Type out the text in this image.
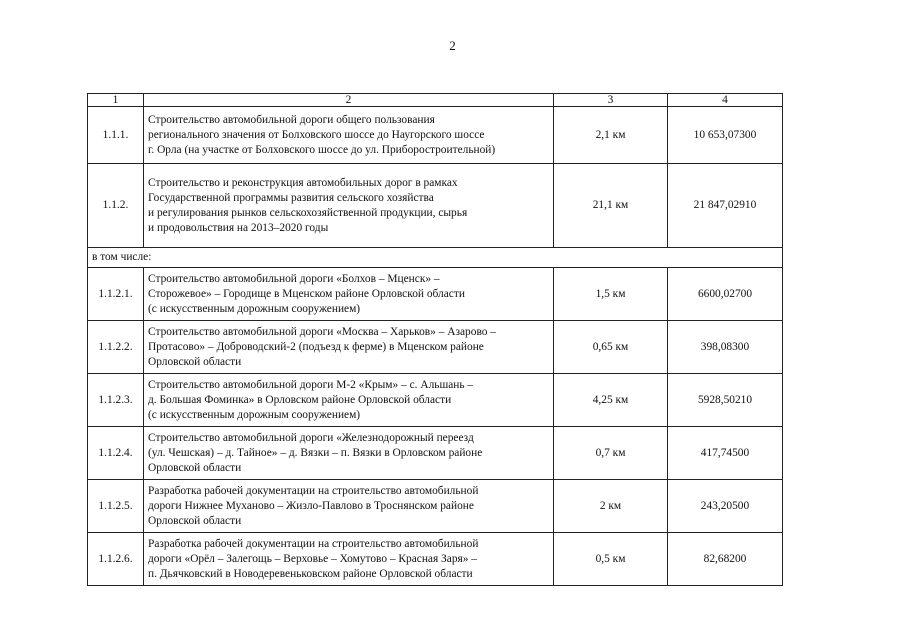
2
1	2	3	4
1.1.1.	Строительство автомобильной дороги общего пользования
регионального значения от Болховского шоссе до Наугорского шоссе
г. Орла (на участке от Болховского шоссе до ул. Приборостроительной)	2,1 км	10 653,07300
1.1.2.	Строительство и реконструкция автомобильных дорог в рамках
Государственной программы развития сельского хозяйства
и регулирования рынков сельскохозяйственной продукции, сырья
и продовольствия на 2013–2020 годы	21,1 км	21 847,02910
в том числе:			
1.1.2.1.	Строительство автомобильной дороги «Болхов – Мценск» –
Сторожевое» – Городище в Мценском районе Орловской области
(с искусственным дорожным сооружением)	1,5 км	6600,02700
1.1.2.2.	Строительство автомобильной дороги «Москва – Харьков» – Азарово –
Протасово» – Доброводский-2 (подъезд к ферме) в Мценском районе
Орловской области	0,65 км	398,08300
1.1.2.3.	Строительство автомобильной дороги М-2 «Крым» – с. Альшань –
д. Большая Фоминка» в Орловском районе Орловской области
(с искусственным дорожным сооружением)	4,25 км	5928,50210
1.1.2.4.	Строительство автомобильной дороги «Железнодорожный переезд
(ул. Чешская) – д. Тайное» – д. Вязки – п. Вязки в Орловском районе
Орловской области	0,7 км	417,74500
1.1.2.5.	Разработка рабочей документации на строительство автомобильной
дороги Нижнее Муханово – Жизло-Павлово в Троснянском районе
Орловской области	2 км	243,20500
1.1.2.6.	Разработка рабочей документации на строительство автомобильной
дороги «Орёл – Залегощь – Верховье – Хомутово – Красная Заря» –
п. Дьячковский в Новодеревеньковском районе Орловской области	0,5 км	82,68200
